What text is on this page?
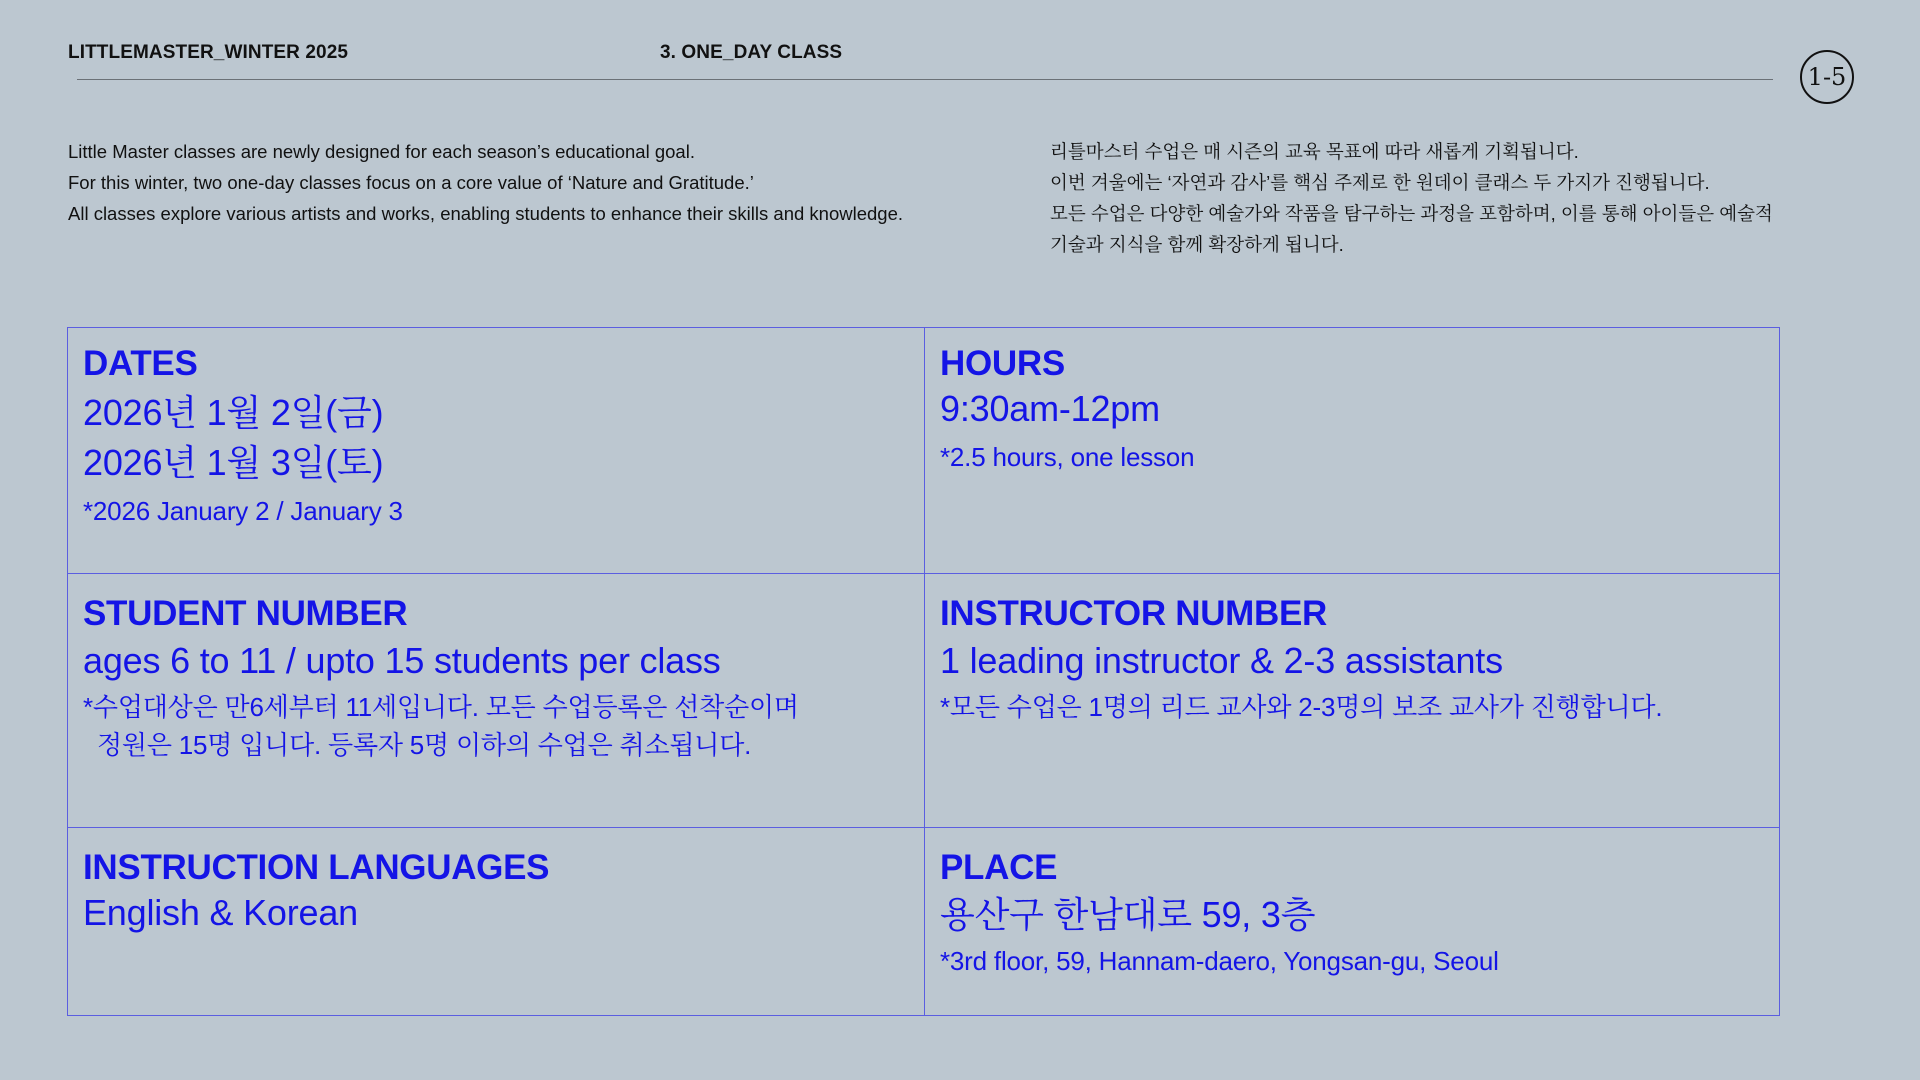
LITTLEMASTER_WINTER 2025	3. ONE_DAY CLASS
1-5
Little Master classes are newly designed for each season’s educational goal.
For this winter, two one-day classes focus on a core value of ‘Nature and Gratitude.’
All classes explore various artists and works, enabling students to enhance their skills and knowledge.
리틀마스터 수업은 매 시즌의 교육 목표에 따라 새롭게 기획됩니다.
이번 겨울에는 ‘자연과 감사’를 핵심 주제로 한 원데이 클래스 두 가지가 진행됩니다.
모든 수업은 다양한 예술가와 작품을 탐구하는 과정을 포함하며, 이를 통해 아이들은 예술적
기술과 지식을 함께 확장하게 됩니다.
DATES
2026년 1월 2일(금)
2026년 1월 3일(토)
*2026 January 2 / January 3
HOURS
9:30am-12pm
*2.5 hours, one lesson
STUDENT NUMBER
ages 6 to 11 / upto 15 students per class
*수업대상은 만6세부터 11세입니다. 모든 수업등록은 선착순이며
정원은 15명 입니다. 등록자 5명 이하의 수업은 취소됩니다.
INSTRUCTOR NUMBER
1 leading instructor & 2-3 assistants
*모든 수업은 1명의 리드 교사와 2-3명의 보조 교사가 진행합니다.
INSTRUCTION LANGUAGES
English & Korean
PLACE
용산구 한남대로 59, 3층
*3rd floor, 59, Hannam-daero, Yongsan-gu, Seoul
